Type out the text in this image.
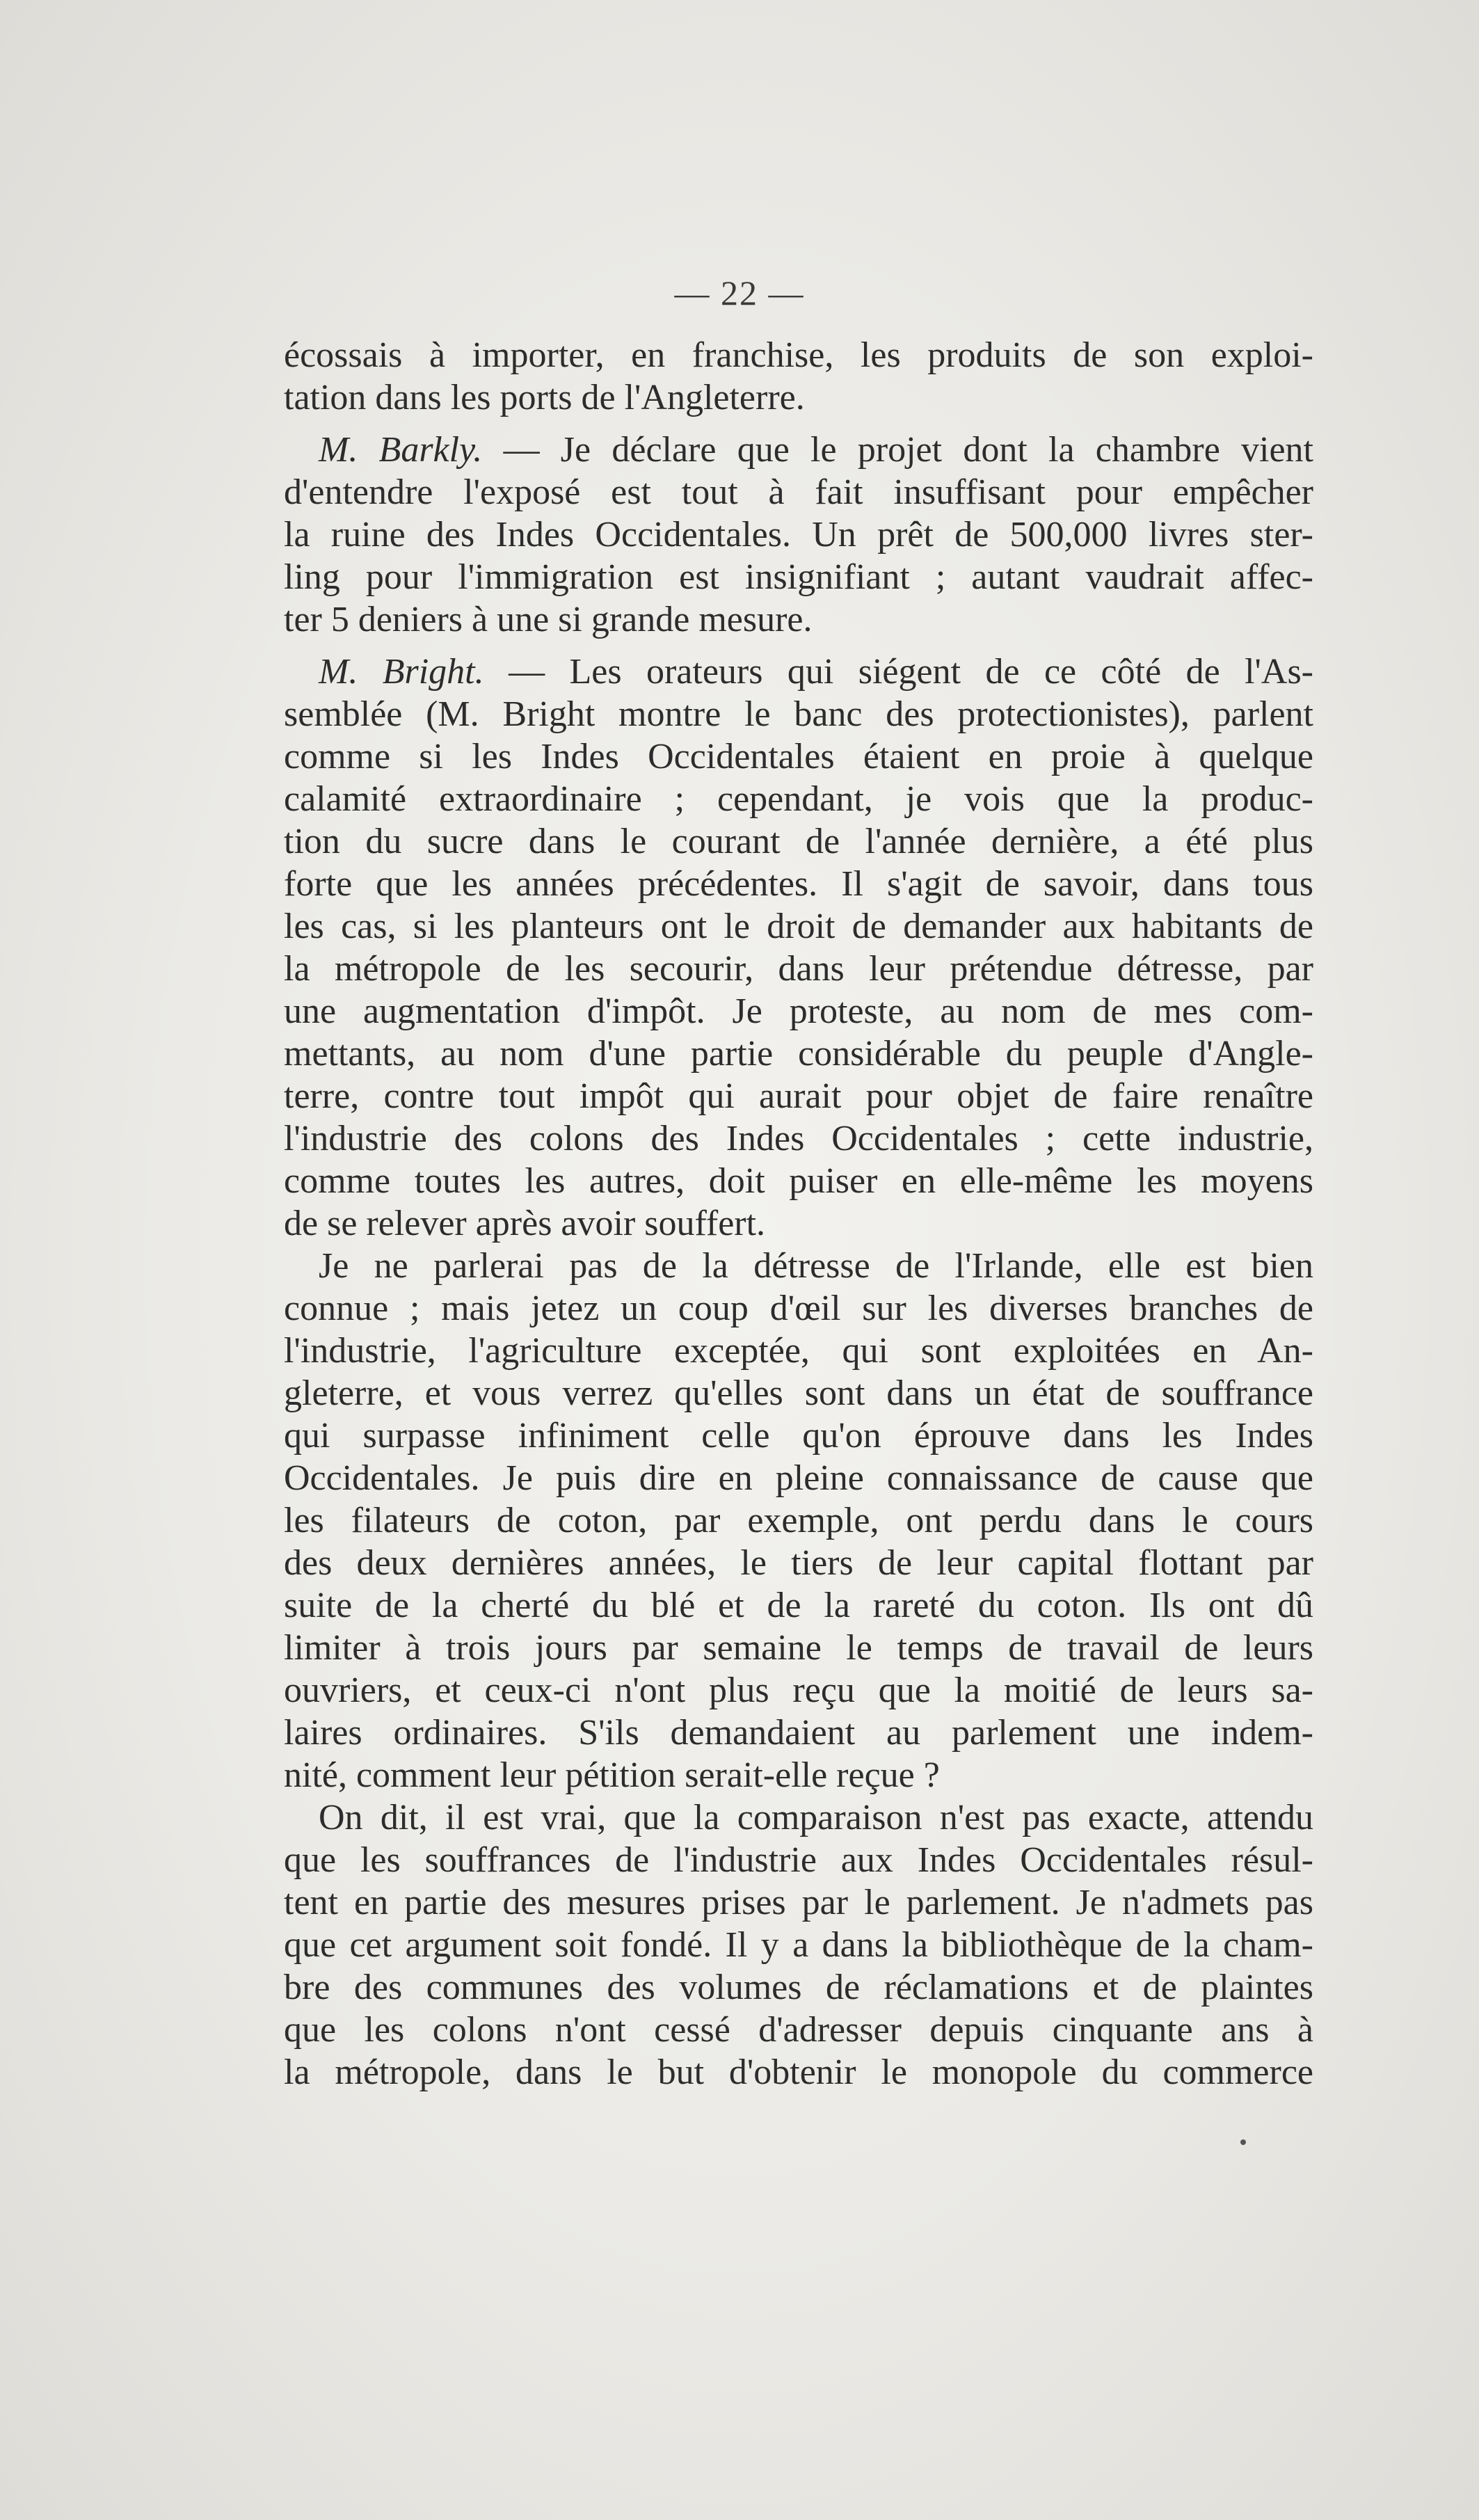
— 22 —
écossais à importer, en franchise, les produits de son exploi-
tation dans les ports de l'Angleterre.
M. Barkly. — Je déclare que le projet dont la chambre vient
d'entendre l'exposé est tout à fait insuffisant pour empêcher
la ruine des Indes Occidentales. Un prêt de 500,000 livres ster-
ling pour l'immigration est insignifiant ; autant vaudrait affec-
ter 5 deniers à une si grande mesure.
M. Bright. — Les orateurs qui siégent de ce côté de l'As-
semblée (M. Bright montre le banc des protectionistes), parlent
comme si les Indes Occidentales étaient en proie à quelque
calamité extraordinaire ; cependant, je vois que la produc-
tion du sucre dans le courant de l'année dernière, a été plus
forte que les années précédentes. Il s'agit de savoir, dans tous
les cas, si les planteurs ont le droit de demander aux habitants de
la métropole de les secourir, dans leur prétendue détresse, par
une augmentation d'impôt. Je proteste, au nom de mes com-
mettants, au nom d'une partie considérable du peuple d'Angle-
terre, contre tout impôt qui aurait pour objet de faire renaître
l'industrie des colons des Indes Occidentales ; cette industrie,
comme toutes les autres, doit puiser en elle-même les moyens
de se relever après avoir souffert.
Je ne parlerai pas de la détresse de l'Irlande, elle est bien
connue ; mais jetez un coup d'œil sur les diverses branches de
l'industrie, l'agriculture exceptée, qui sont exploitées en An-
gleterre, et vous verrez qu'elles sont dans un état de souffrance
qui surpasse infiniment celle qu'on éprouve dans les Indes
Occidentales. Je puis dire en pleine connaissance de cause que
les filateurs de coton, par exemple, ont perdu dans le cours
des deux dernières années, le tiers de leur capital flottant par
suite de la cherté du blé et de la rareté du coton. Ils ont dû
limiter à trois jours par semaine le temps de travail de leurs
ouvriers, et ceux-ci n'ont plus reçu que la moitié de leurs sa-
laires ordinaires. S'ils demandaient au parlement une indem-
nité, comment leur pétition serait-elle reçue ?
On dit, il est vrai, que la comparaison n'est pas exacte, attendu
que les souffrances de l'industrie aux Indes Occidentales résul-
tent en partie des mesures prises par le parlement. Je n'admets pas
que cet argument soit fondé. Il y a dans la bibliothèque de la cham-
bre des communes des volumes de réclamations et de plaintes
que les colons n'ont cessé d'adresser depuis cinquante ans à
la métropole, dans le but d'obtenir le monopole du commerce
